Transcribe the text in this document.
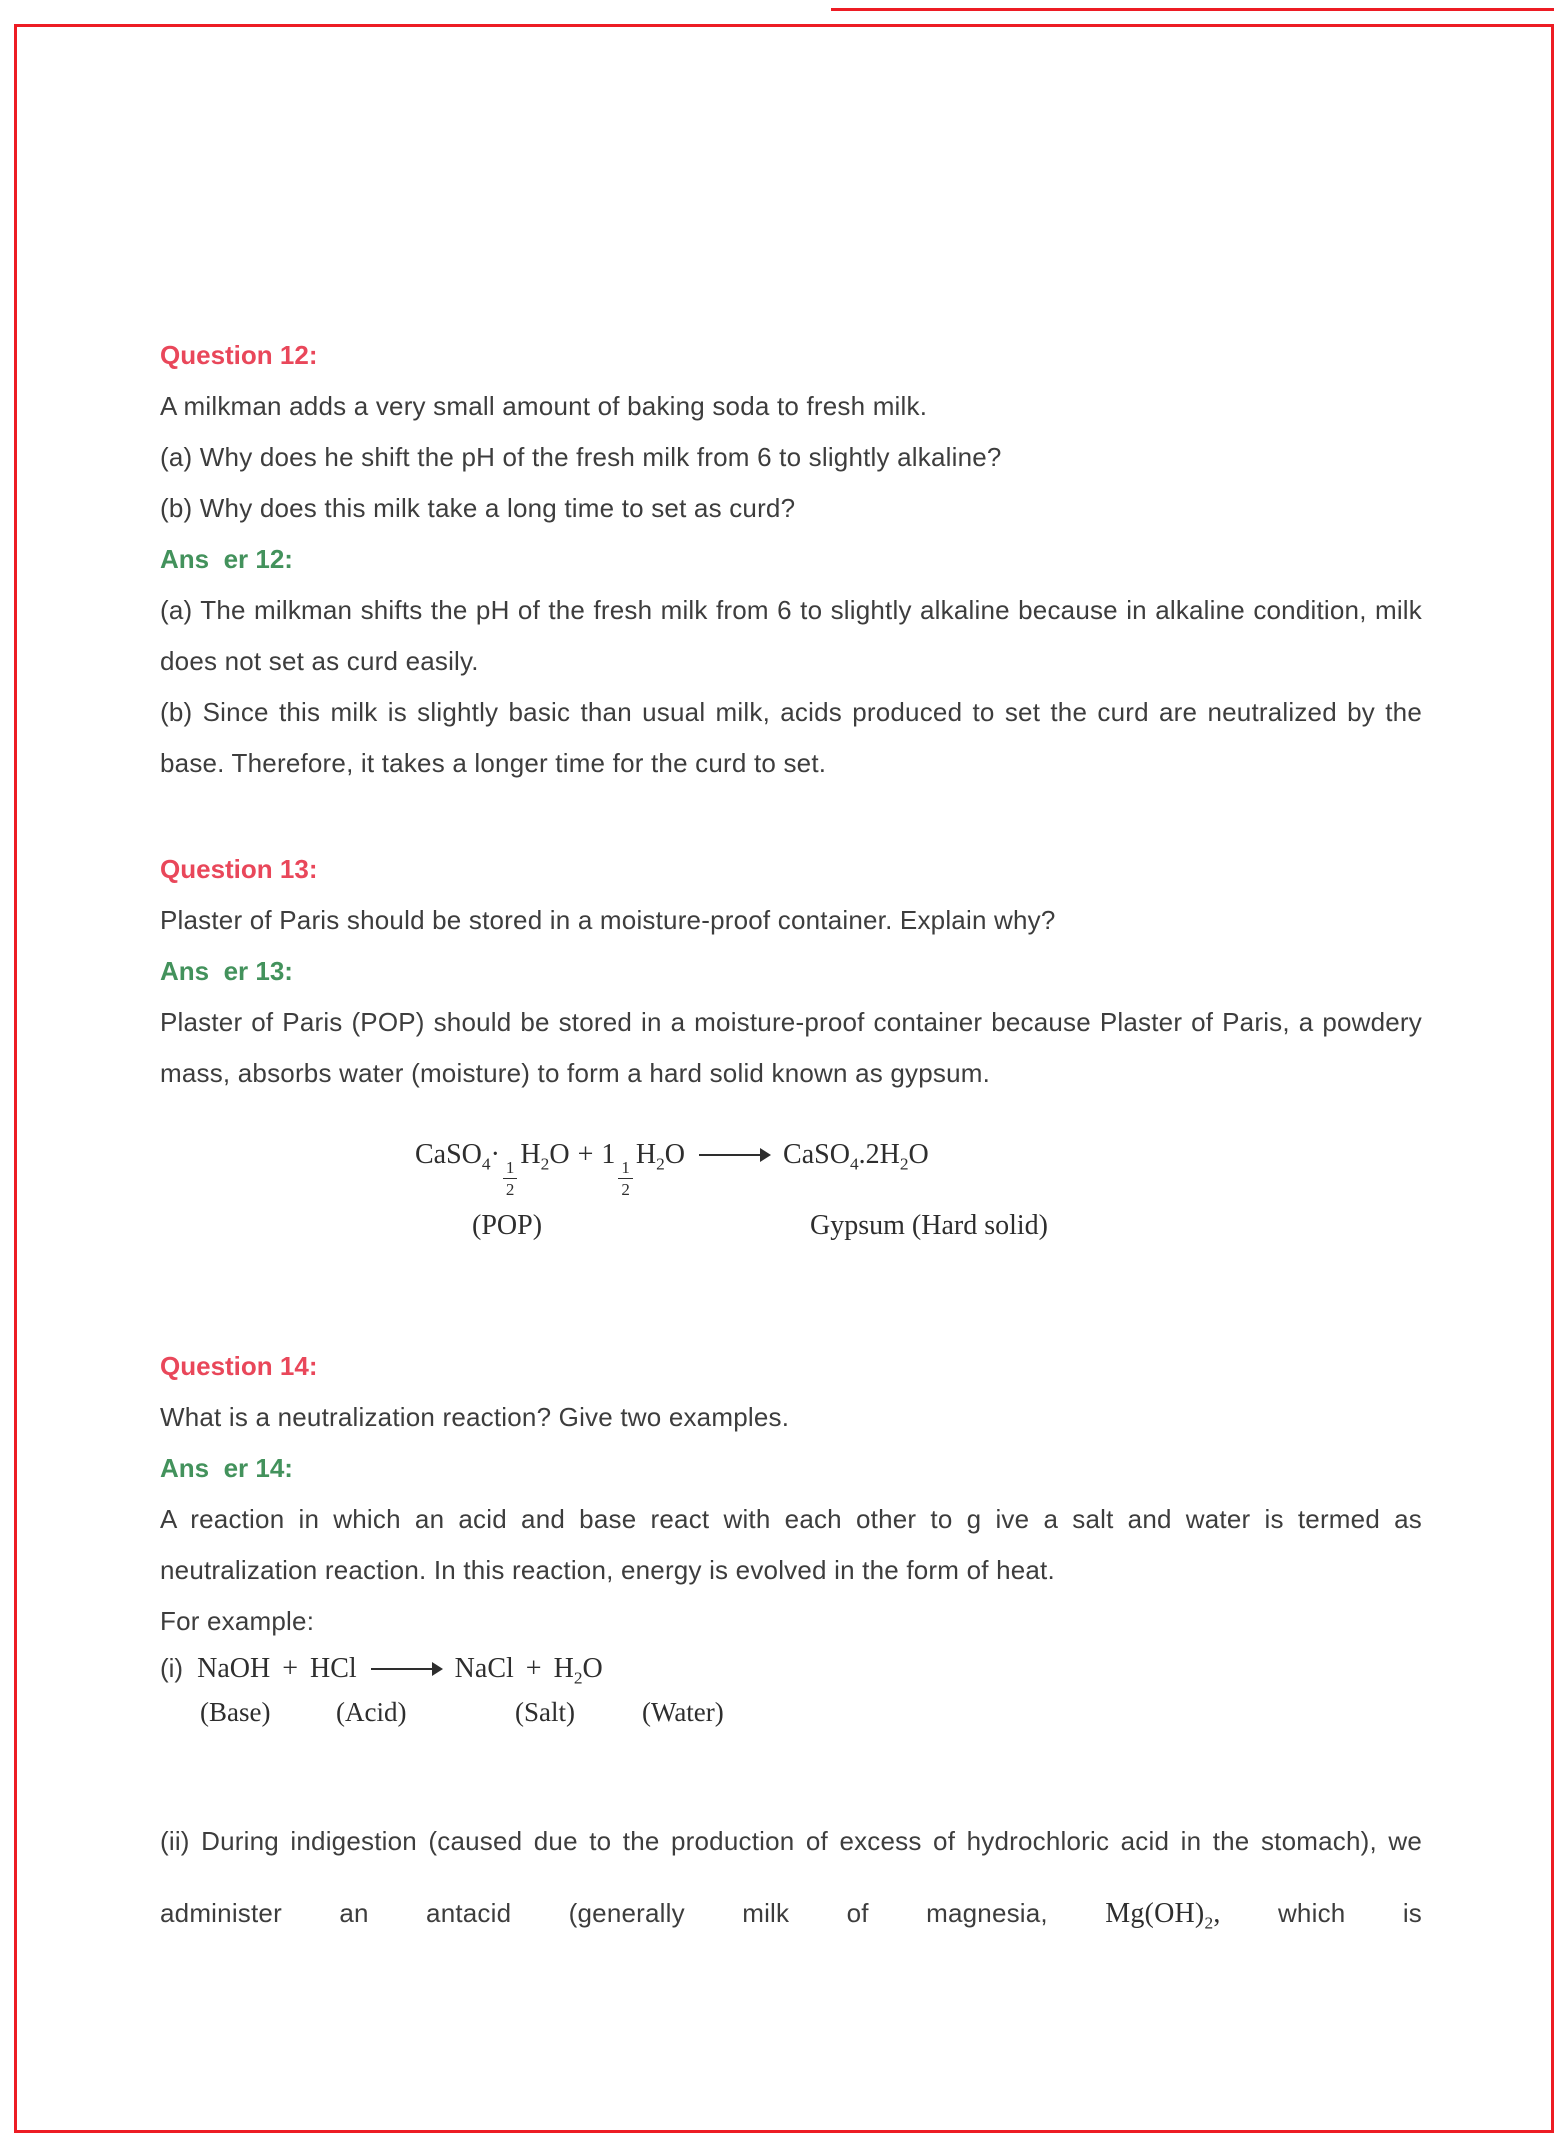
Question 12:

A milkman adds a very small amount of baking soda to fresh milk.

(a) Why does he shift the pH of the fresh milk from 6 to slightly alkaline?

(b) Why does this milk take a long time to set as curd?

Ans  er 12:

(a) The milkman shifts the pH of the fresh milk from 6 to slightly alkaline because in alkaline condition, milk does not set as curd easily.

(b) Since this milk is slightly basic than usual milk, acids produced to set the curd are neutralized by the base. Therefore, it takes a longer time for the curd to set.

Question 13:

Plaster of Paris should be stored in a moisture-proof container. Explain why?

Ans  er 13:

Plaster of Paris (POP) should be stored in a moisture-proof container because Plaster of Paris, a powdery mass, absorbs water (moisture) to form a hard solid known as gypsum.

CaSO$_4$·
$\frac{1}{2}$
$H_2O + 1$
$\frac{1}{2}$
$H_2O$ → $CaSO_4.2H_2O$
(POP)	Gypsum (Hard solid)
Question 14:

What is a neutralization reaction? Give two examples.

Ans  er 14:

A reaction in which an acid and base react with each other to g ive a salt and water is termed as neutralization reaction. In this reaction, energy is evolved in the form of heat.

For example:

(i) NaOH + HCl → NaCl + $H_2O$
(Base) (Acid)	(Salt) (Water)

(ii) During indigestion (caused due to the production of excess of hydrochloric acid in the stomach), we administer an antacid (generally milk of magnesia, $Mg(OH)_2$, which is
